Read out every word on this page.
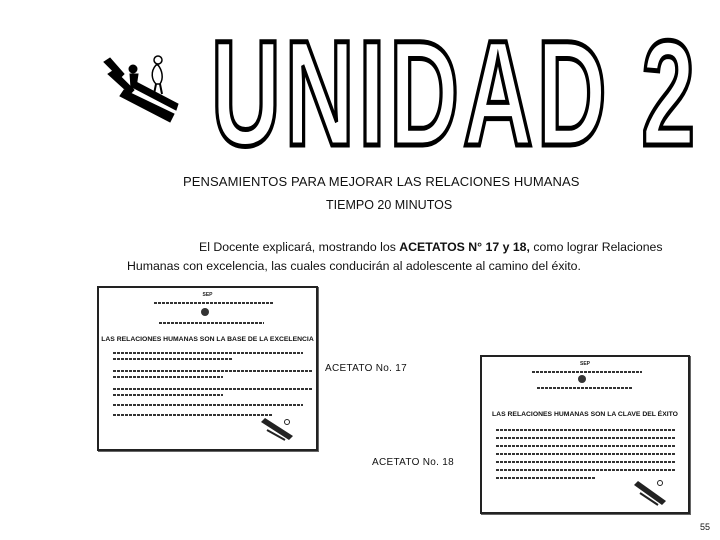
UNIDAD 2
PENSAMIENTOS PARA MEJORAR LAS RELACIONES HUMANAS
TIEMPO 20 MINUTOS
El Docente explicará, mostrando los ACETATOS N° 17 y 18, como lograr Relaciones Humanas con excelencia, las cuales conducirán al adolescente al camino del éxito.
SEP
LAS RELACIONES HUMANAS SON LA BASE DE LA EXCELENCIA
ACETATO No. 17	SEP
LAS RELACIONES HUMANAS SON LA CLAVE DEL ÉXITO
ACETATO No. 18
55
